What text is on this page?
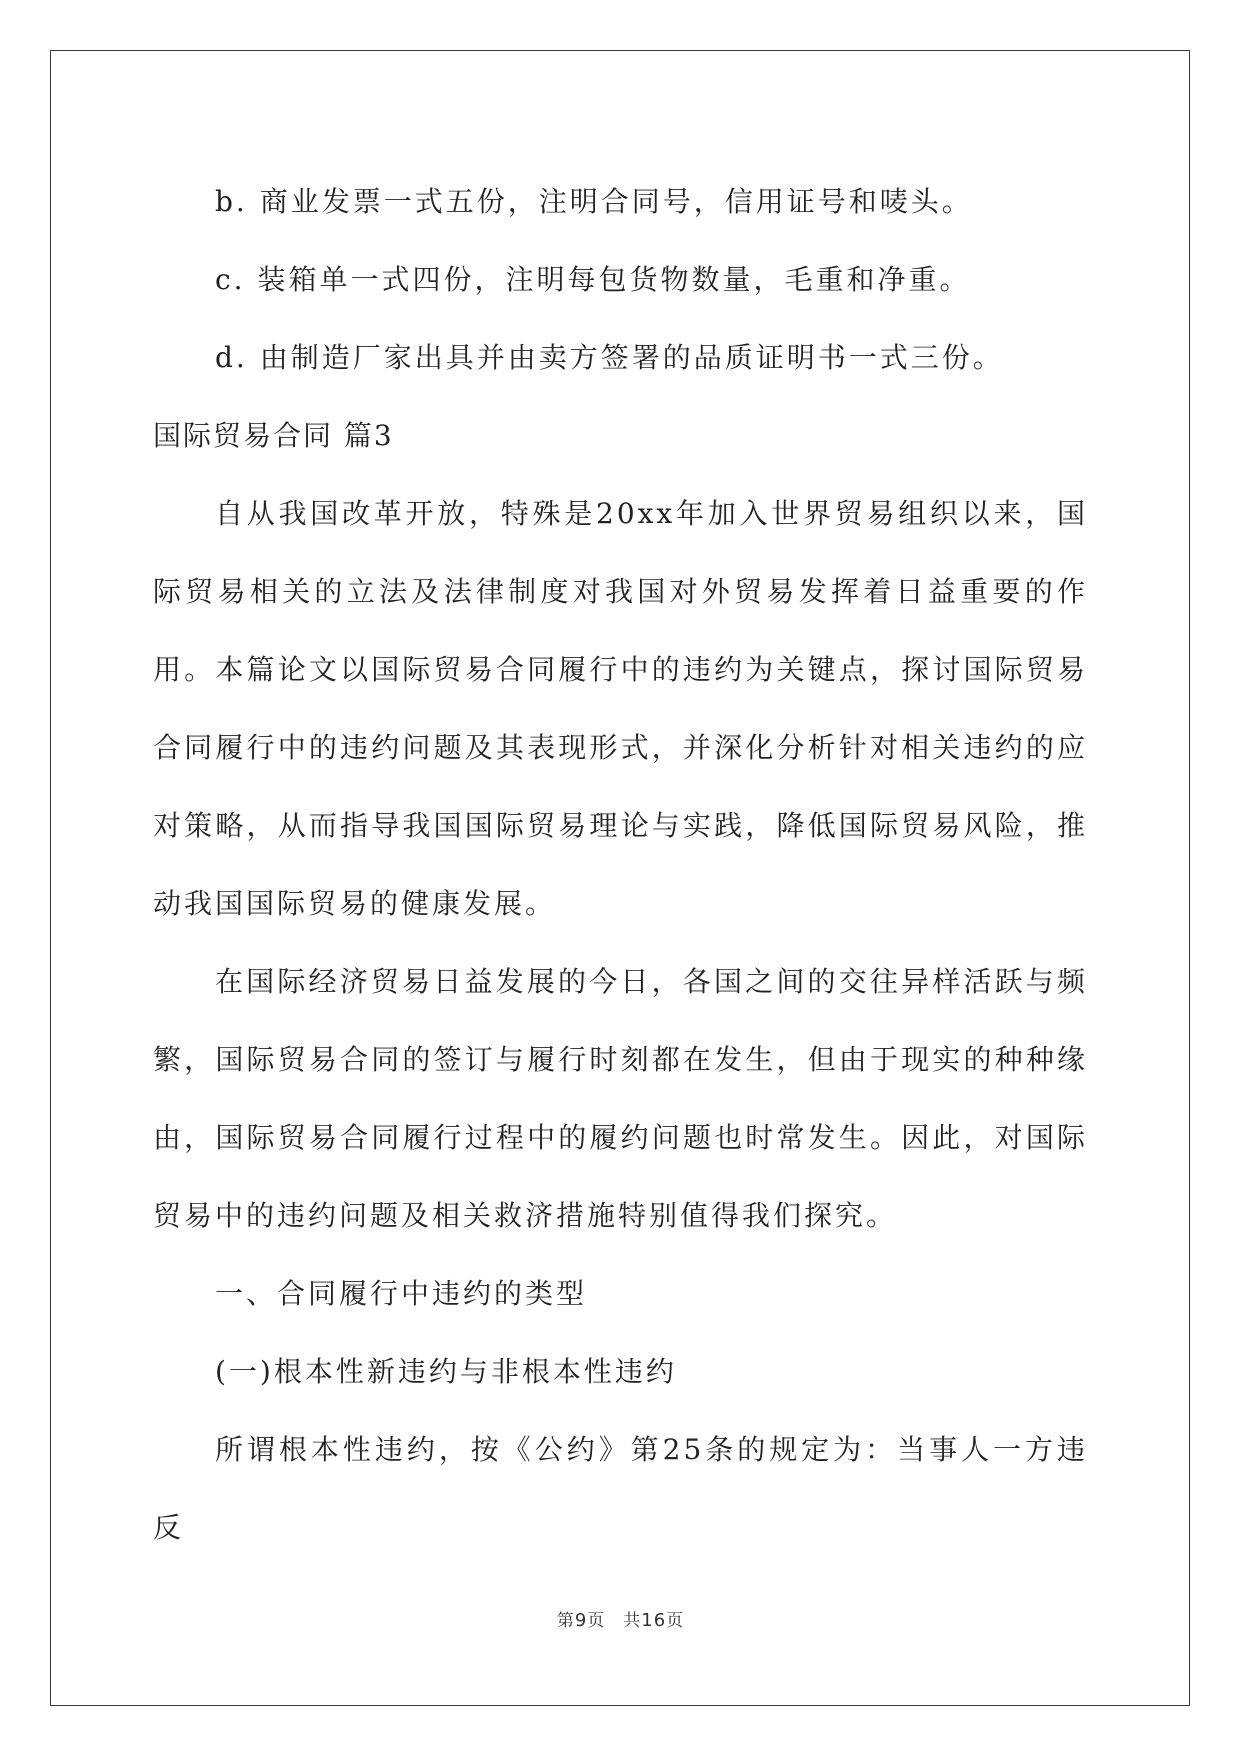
b. 商业发票一式五份，注明合同号，信用证号和唛头。

c. 装箱单一式四份，注明每包货物数量，毛重和净重。

d. 由制造厂家出具并由卖方签署的品质证明书一式三份。

国际贸易合同 篇3

自从我国改革开放，特殊是20xx年加入世界贸易组织以来，国际贸易相关的立法及法律制度对我国对外贸易发挥着日益重要的作用。本篇论文以国际贸易合同履行中的违约为关键点，探讨国际贸易合同履行中的违约问题及其表现形式，并深化分析针对相关违约的应对策略，从而指导我国国际贸易理论与实践，降低国际贸易风险，推动我国国际贸易的健康发展。

在国际经济贸易日益发展的今日，各国之间的交往异样活跃与频繁，国际贸易合同的签订与履行时刻都在发生，但由于现实的种种缘由，国际贸易合同履行过程中的履约问题也时常发生。因此，对国际贸易中的违约问题及相关救济措施特别值得我们探究。

一、合同履行中违约的类型

(一)根本性新违约与非根本性违约

所谓根本性违约，按《公约》第25条的规定为：当事人一方违反

第9页 共16页
